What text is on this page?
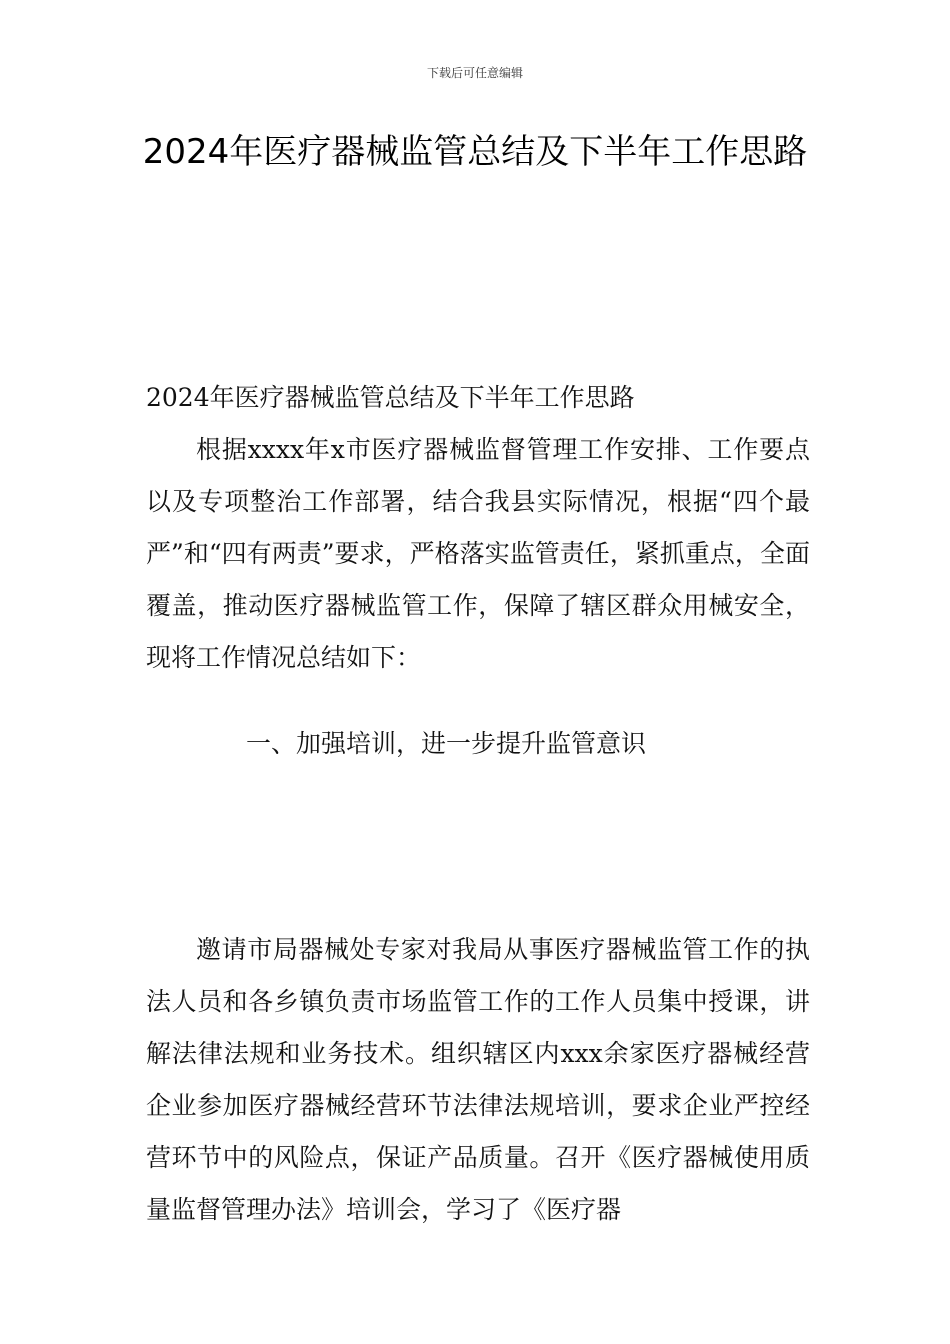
下载后可任意编辑
2024年医疗器械监管总结及下半年工作思路

2024年医疗器械监管总结及下半年工作思路

根据xxxx年x市医疗器械监督管理工作安排、工作要点以及专项整治工作部署，结合我县实际情况，根据“四个最严”和“四有两责”要求，严格落实监管责任，紧抓重点，全面覆盖，推动医疗器械监管工作，保障了辖区群众用械安全，现将工作情况总结如下：

一、加强培训，进一步提升监管意识

邀请市局器械处专家对我局从事医疗器械监管工作的执法人员和各乡镇负责市场监管工作的工作人员集中授课，讲解法律法规和业务技术。组织辖区内xxx余家医疗器械经营企业参加医疗器械经营环节法律法规培训，要求企业严控经营环节中的风险点，保证产品质量。召开《医疗器械使用质量监督管理办法》培训会，学习了《医疗器
